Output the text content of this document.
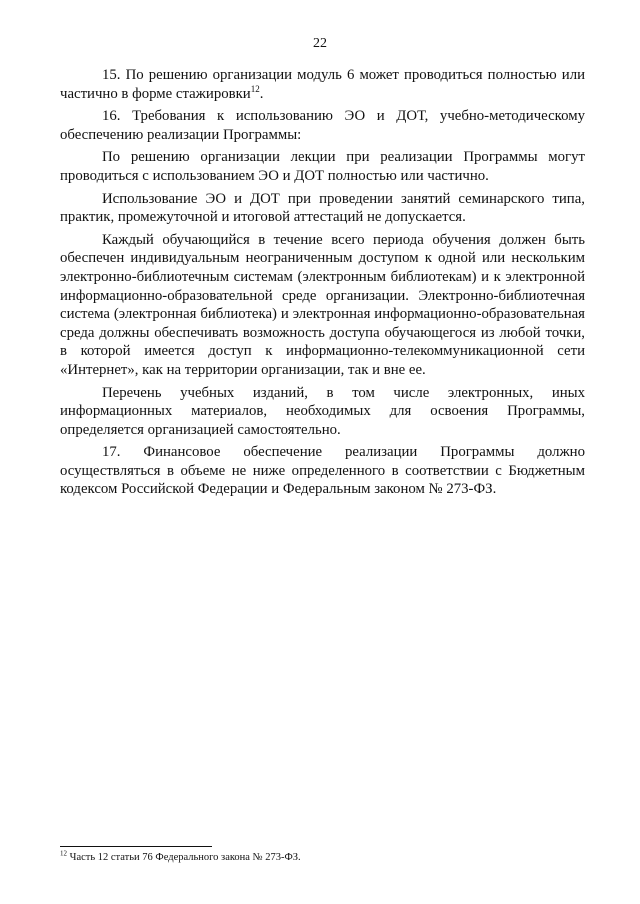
22

15. По решению организации модуль 6 может проводиться полностью или частично в форме стажировки$^{12}$.

16. Требования к использованию ЭО и ДОТ, учебно-методическому обеспечению реализации Программы:

По решению организации лекции при реализации Программы могут проводиться с использованием ЭО и ДОТ полностью или частично.

Использование ЭО и ДОТ при проведении занятий семинарского типа, практик, промежуточной и итоговой аттестаций не допускается.

Каждый обучающийся в течение всего периода обучения должен быть обеспечен индивидуальным неограниченным доступом к одной или нескольким электронно-библиотечным системам (электронным библиотекам) и к электронной информационно-образовательной среде организации. Электронно-библиотечная система (электронная библиотека) и электронная информационно-образовательная среда должны обеспечивать возможность доступа обучающегося из любой точки, в которой имеется доступ к информационно-телекоммуникационной сети «Интернет», как на территории организации, так и вне ее.

Перечень учебных изданий, в том числе электронных, иных информационных материалов, необходимых для освоения Программы, определяется организацией самостоятельно.

17. Финансовое обеспечение реализации Программы должно осуществляться в объеме не ниже определенного в соответствии с Бюджетным кодексом Российской Федерации и Федеральным законом № 273-ФЗ.

$^{12}$ Часть 12 статьи 76 Федерального закона № 273-ФЗ.
